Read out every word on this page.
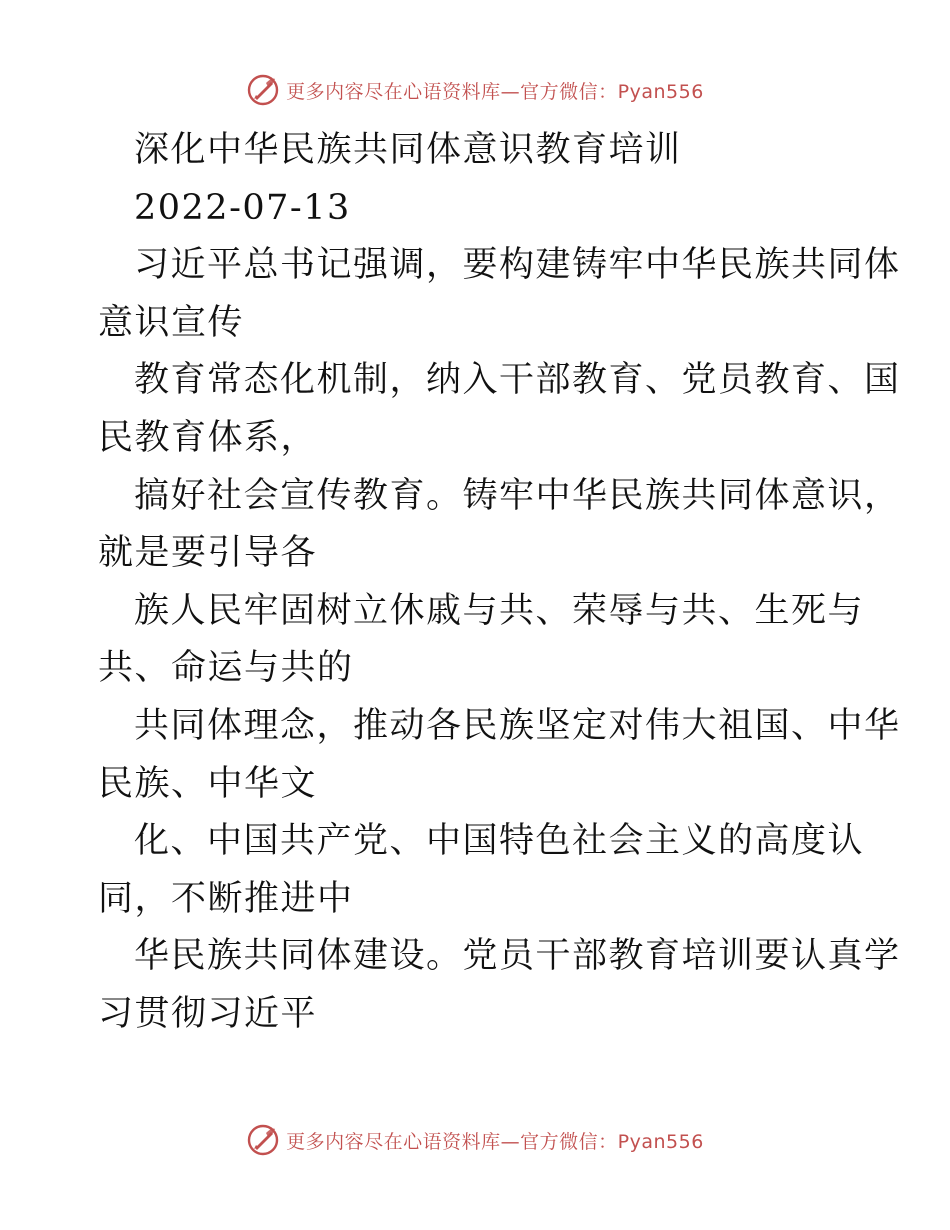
更多内容尽在心语资料库—官方微信：Pyan556
深化中华民族共同体意识教育培训
2022-07-13
习近平总书记强调，要构建铸牢中华民族共同体
意识宣传
教育常态化机制，纳入干部教育、党员教育、国
民教育体系，
搞好社会宣传教育。铸牢中华民族共同体意识，
就是要引导各
族人民牢固树立休戚与共、荣辱与共、生死与
共、命运与共的
共同体理念，推动各民族坚定对伟大祖国、中华
民族、中华文
化、中国共产党、中国特色社会主义的高度认
同，不断推进中
华民族共同体建设。党员干部教育培训要认真学
习贯彻习近平
更多内容尽在心语资料库—官方微信：Pyan556
